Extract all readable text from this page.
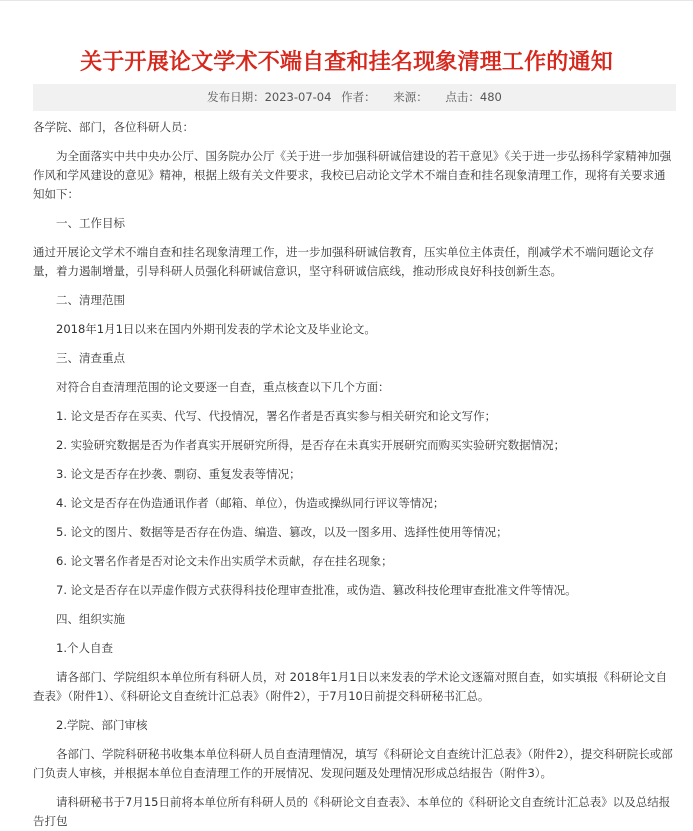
关于开展论文学术不端自查和挂名现象清理工作的通知
发布日期：2023-07-04 作者： 来源： 点击：480

各学院、部门，各位科研人员：

为全面落实中共中央办公厅、国务院办公厅《关于进一步加强科研诚信建设的若干意见》《关于进一步弘扬科学家精神加强作风和学风建设的意见》精神，根据上级有关文件要求，我校已启动论文学术不端自查和挂名现象清理工作，现将有关要求通知如下：

一、工作目标

通过开展论文学术不端自查和挂名现象清理工作，进一步加强科研诚信教育，压实单位主体责任，削减学术不端问题论文存量，着力遏制增量，引导科研人员强化科研诚信意识，坚守科研诚信底线，推动形成良好科技创新生态。

二、清理范围

2018年1月1日以来在国内外期刊发表的学术论文及毕业论文。

三、清查重点

对符合自查清理范围的论文要逐一自查，重点核查以下几个方面：

1. 论文是否存在买卖、代写、代投情况，署名作者是否真实参与相关研究和论文写作；

2. 实验研究数据是否为作者真实开展研究所得，是否存在未真实开展研究而购买实验研究数据情况；

3. 论文是否存在抄袭、剽窃、重复发表等情况；

4. 论文是否存在伪造通讯作者（邮箱、单位），伪造或操纵同行评议等情况；

5. 论文的图片、数据等是否存在伪造、编造、篡改，以及一图多用、选择性使用等情况；

6. 论文署名作者是否对论文未作出实质学术贡献，存在挂名现象；

7. 论文是否存在以弄虚作假方式获得科技伦理审查批准，或伪造、篡改科技伦理审查批准文件等情况。

四、组织实施

1.个人自查

请各部门、学院组织本单位所有科研人员，对 2018年1月1日以来发表的学术论文逐篇对照自查，如实填报《科研论文自查表》（附件1）、《科研论文自查统计汇总表》（附件2），于7月10日前提交科研秘书汇总。

2.学院、部门审核

各部门、学院科研秘书收集本单位科研人员自查清理情况，填写《科研论文自查统计汇总表》（附件2），提交科研院长或部门负责人审核，并根据本单位自查清理工作的开展情况、发现问题及处理情况形成总结报告（附件3）。

请科研秘书于7月15日前将本单位所有科研人员的《科研论文自查表》、本单位的《科研论文自查统计汇总表》以及总结报告打包
